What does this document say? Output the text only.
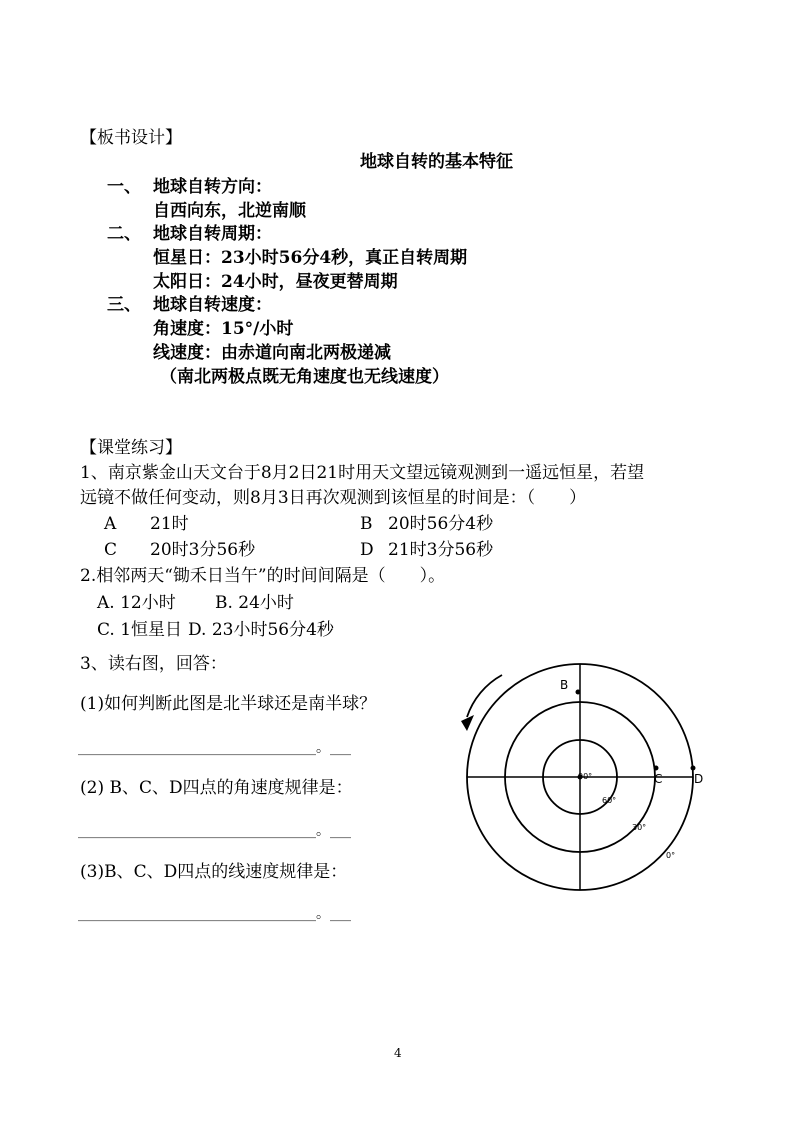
【板书设计】
地球自转的基本特征
一、 地球自转方向：
自西向东，北逆南顺
二、 地球自转周期：
恒星日：23小时56分4秒，真正自转周期
太阳日：24小时，昼夜更替周期
三、 地球自转速度：
角速度：15°/小时
线速度：由赤道向南北两极递减
（南北两极点既无角速度也无线速度）
【课堂练习】
1、南京紫金山天文台于8月2日21时用天文望远镜观测到一遥远恒星，若望
远镜不做任何变动，则8月3日再次观测到该恒星的时间是：（　　）
A 21时	B 20时56分4秒
C 20时3分56秒	D 21时3分56秒
2.相邻两天“锄禾日当午”的时间间隔是（　　）。
A. 12小时 B. 24小时
C. 1恒星日 D. 23小时56分4秒
3、读右图，回答：
(1)如何判断此图是北半球还是南半球？
__________________________________。___
(2) B、C、D四点的角速度规律是：
__________________________________。___
(3)B、C、D四点的线速度规律是：
__________________________________。___
B
C	D
90°
60°
30°
0°
4
